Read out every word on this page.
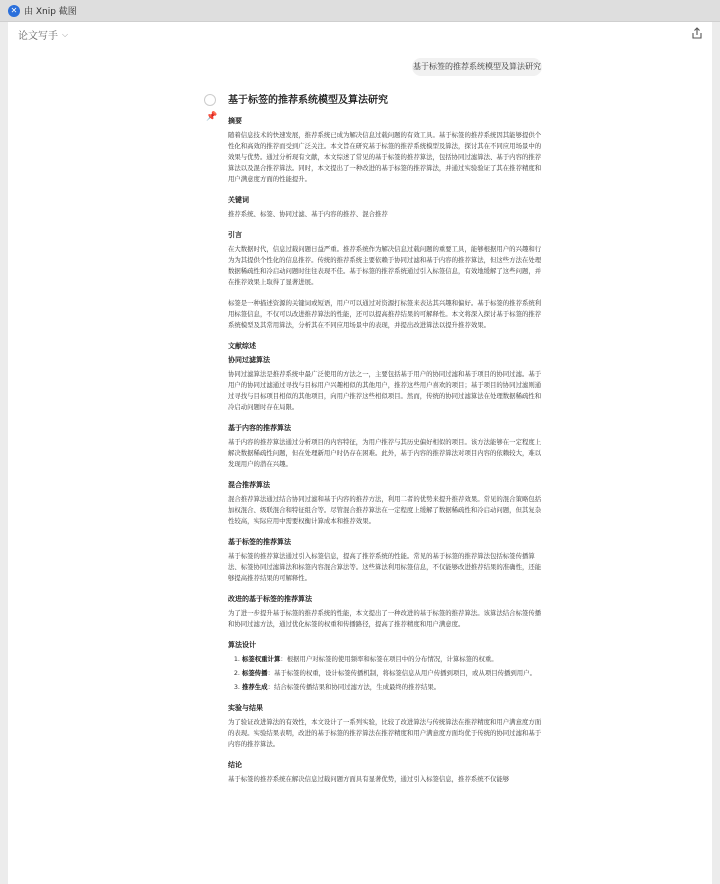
✕ 由 Xnip 截图
论文写手 ⌵
基于标签的推荐系统模型及算法研究
📌
基于标签的推荐系统模型及算法研究
摘要
随着信息技术的快速发展，推荐系统已成为解决信息过载问题的有效工具。基于标签的推荐系统因其能够提供个性化和高效的推荐而受到广泛关注。本文旨在研究基于标签的推荐系统模型及算法，探讨其在不同应用场景中的效果与优势。通过分析现有文献，本文综述了常见的基于标签的推荐算法，包括协同过滤算法、基于内容的推荐算法以及混合推荐算法。同时，本文提出了一种改进的基于标签的推荐算法，并通过实验验证了其在推荐精度和用户满意度方面的性能提升。
关键词
推荐系统、标签、协同过滤、基于内容的推荐、混合推荐
引言
在大数据时代，信息过载问题日益严重。推荐系统作为解决信息过载问题的重要工具，能够根据用户的兴趣和行为为其提供个性化的信息推荐。传统的推荐系统主要依赖于协同过滤和基于内容的推荐算法，但这些方法在处理数据稀疏性和冷启动问题时往往表现不佳。基于标签的推荐系统通过引入标签信息，有效地缓解了这些问题，并在推荐效果上取得了显著进展。
标签是一种描述资源的关键词或短语，用户可以通过对资源打标签来表达其兴趣和偏好。基于标签的推荐系统利用标签信息，不仅可以改进推荐算法的性能，还可以提高推荐结果的可解释性。本文将深入探讨基于标签的推荐系统模型及其常用算法，分析其在不同应用场景中的表现，并提出改进算法以提升推荐效果。
文献综述
协同过滤算法
协同过滤算法是推荐系统中最广泛使用的方法之一，主要包括基于用户的协同过滤和基于项目的协同过滤。基于用户的协同过滤通过寻找与目标用户兴趣相似的其他用户，推荐这些用户喜欢的项目；基于项目的协同过滤则通过寻找与目标项目相似的其他项目，向用户推荐这些相似项目。然而，传统的协同过滤算法在处理数据稀疏性和冷启动问题时存在局限。
基于内容的推荐算法
基于内容的推荐算法通过分析项目的内容特征，为用户推荐与其历史偏好相似的项目。该方法能够在一定程度上解决数据稀疏性问题，但在处理新用户时仍存在困难。此外，基于内容的推荐算法对项目内容的依赖较大，难以发现用户的潜在兴趣。
混合推荐算法
混合推荐算法通过结合协同过滤和基于内容的推荐方法，利用二者的优势来提升推荐效果。常见的混合策略包括加权混合、级联混合和特征组合等。尽管混合推荐算法在一定程度上缓解了数据稀疏性和冷启动问题，但其复杂性较高，实际应用中需要权衡计算成本和推荐效果。
基于标签的推荐算法
基于标签的推荐算法通过引入标签信息，提高了推荐系统的性能。常见的基于标签的推荐算法包括标签传播算法、标签协同过滤算法和标签内容混合算法等。这些算法利用标签信息，不仅能够改进推荐结果的准确性，还能够提高推荐结果的可解释性。
改进的基于标签的推荐算法
为了进一步提升基于标签的推荐系统的性能，本文提出了一种改进的基于标签的推荐算法。该算法结合标签传播和协同过滤方法，通过优化标签的权重和传播路径，提高了推荐精度和用户满意度。
算法设计
1. 标签权重计算：根据用户对标签的使用频率和标签在项目中的分布情况，计算标签的权重。
2. 标签传播：基于标签的权重，设计标签传播机制，将标签信息从用户传播到项目，或从项目传播到用户。
3. 推荐生成：结合标签传播结果和协同过滤方法，生成最终的推荐结果。
实验与结果
为了验证改进算法的有效性，本文设计了一系列实验，比较了改进算法与传统算法在推荐精度和用户满意度方面的表现。实验结果表明，改进的基于标签的推荐算法在推荐精度和用户满意度方面均优于传统的协同过滤和基于内容的推荐算法。
结论
基于标签的推荐系统在解决信息过载问题方面具有显著优势，通过引入标签信息，推荐系统不仅能够
